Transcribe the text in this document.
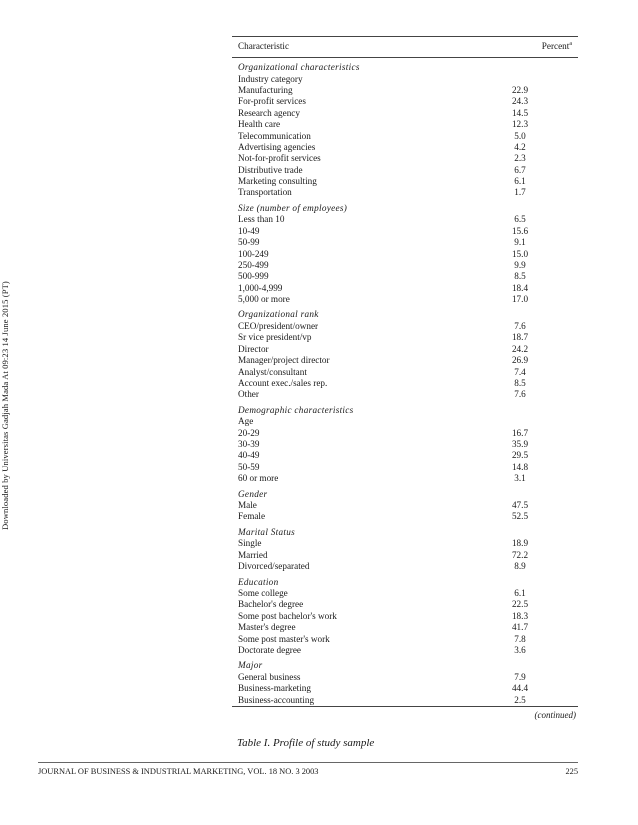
Downloaded by Universitas Gadjah Mada At 09:23 14 June 2015 (PT)
Characteristic	Percent$^a$
Organizational characteristics
Industry category
Manufacturing	22.9
For-profit services	24.3
Research agency	14.5
Health care	12.3
Telecommunication	5.0
Advertising agencies	4.2
Not-for-profit services	2.3
Distributive trade	6.7
Marketing consulting	6.1
Transportation	1.7
Size (number of employees)
Less than 10	6.5
10-49	15.6
50-99	9.1
100-249	15.0
250-499	9.9
500-999	8.5
1,000-4,999	18.4
5,000 or more	17.0
Organizational rank
CEO/president/owner	7.6
Sr vice president/vp	18.7
Director	24.2
Manager/project director	26.9
Analyst/consultant	7.4
Account exec./sales rep.	8.5
Other	7.6
Demographic characteristics
Age
20-29	16.7
30-39	35.9
40-49	29.5
50-59	14.8
60 or more	3.1
Gender
Male	47.5
Female	52.5
Marital Status
Single	18.9
Married	72.2
Divorced/separated	8.9
Education
Some college	6.1
Bachelor's degree	22.5
Some post bachelor's work	18.3
Master's degree	41.7
Some post master's work	7.8
Doctorate degree	3.6
Major
General business	7.9
Business-marketing	44.4
Business-accounting	2.5
(continued)
Table I. Profile of study sample
JOURNAL OF BUSINESS & INDUSTRIAL MARKETING, VOL. 18 NO. 3 2003	225
